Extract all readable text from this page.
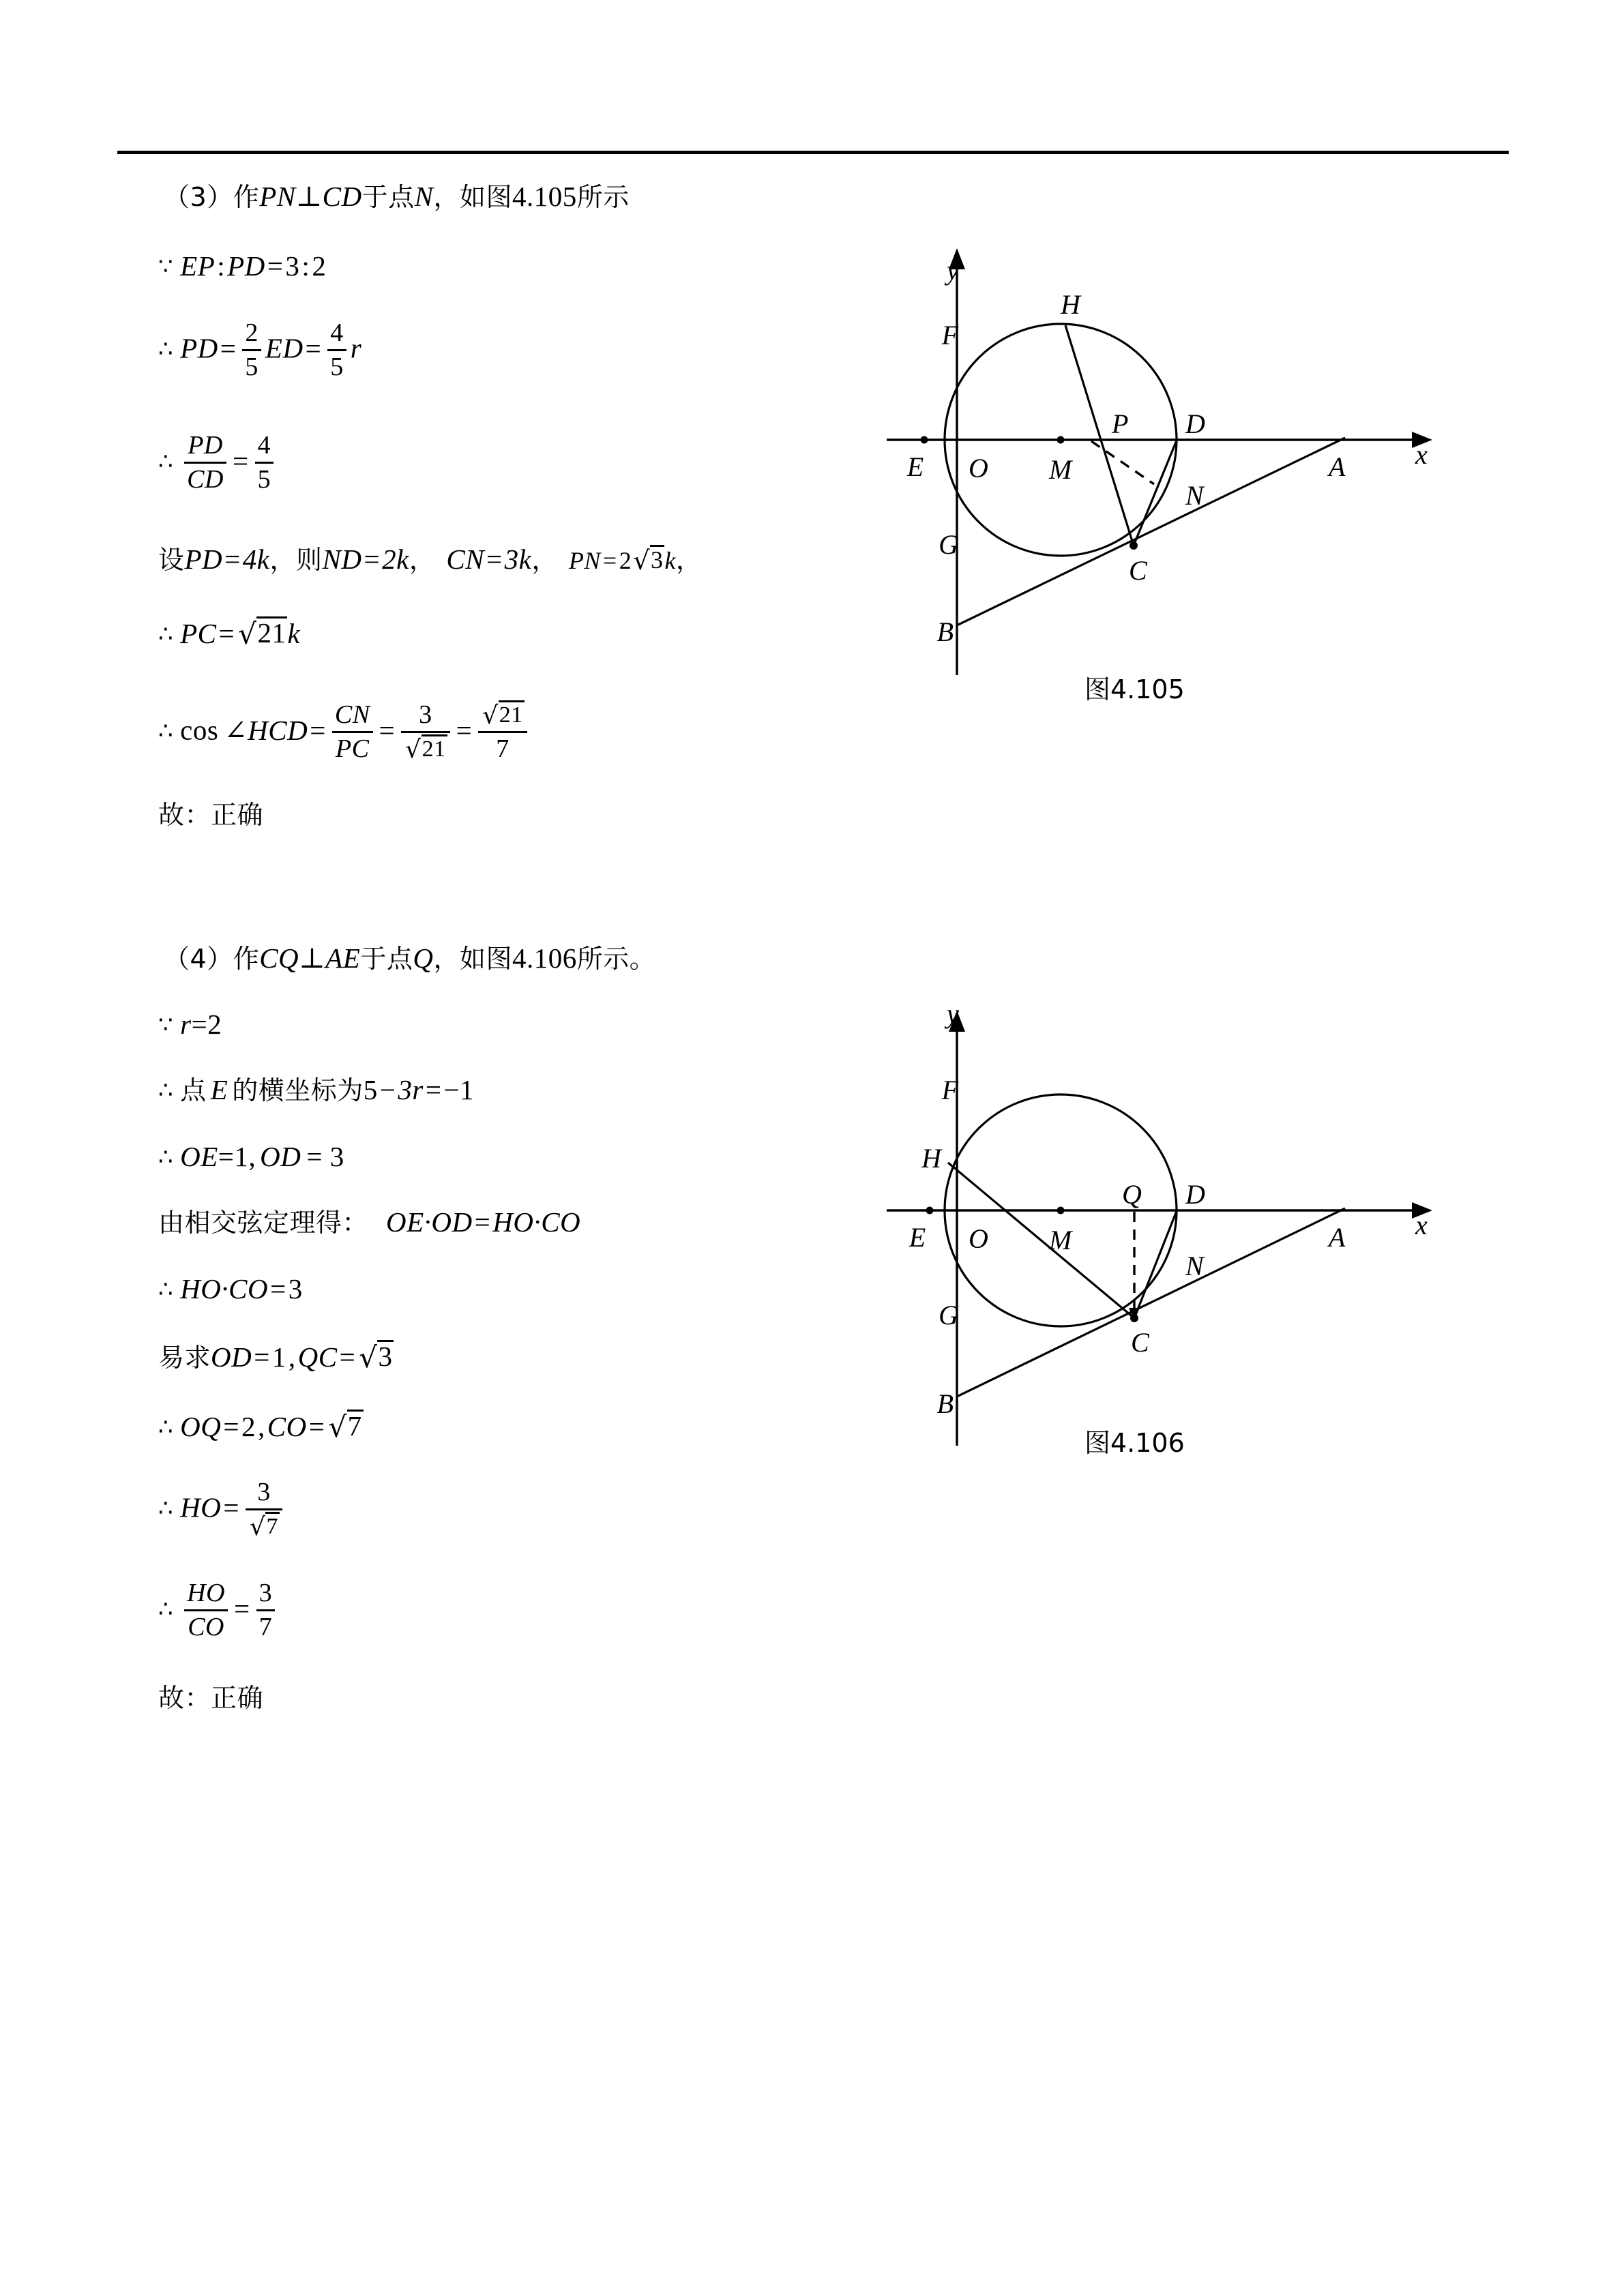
（3）作PN⊥CD于点N，如图4.105所示
∵ EP:PD=3:2
∴ $PD= \frac{2}{5} ED= \frac{4}{5}$ r
∴ $\frac{PD}{CD} = \frac{4}{5}$
设PD=4k，则ND=2k， CN=3k， PN=2√3k，
∴ PC= √21k
∴ cos ∠HCD= $\frac{CN}{PC} = \frac{3}{√21} = \frac{√21}{7}$
故：正确
y
x
H
F
E O M
P D
A
N
G
C
B
图4.105
（4）作CQ⊥AE于点Q，如图4.106所示。
∵ r=2
∴ 点 E 的横坐标为5−3r=−1
∴ OE=1, OD = 3
由相交弦定理得： OE·OD=HO·CO
∴ HO·CO=3
易求OD=1,QC= √3
∴ OQ=2,CO= √7
∴ $HO= \frac{3}{√7}$
∴ $\frac{HO}{CO} = \frac{3}{7}$
故：正确
y
x
F
H
E O M
Q D
A
N
G
C
B
图4.106
